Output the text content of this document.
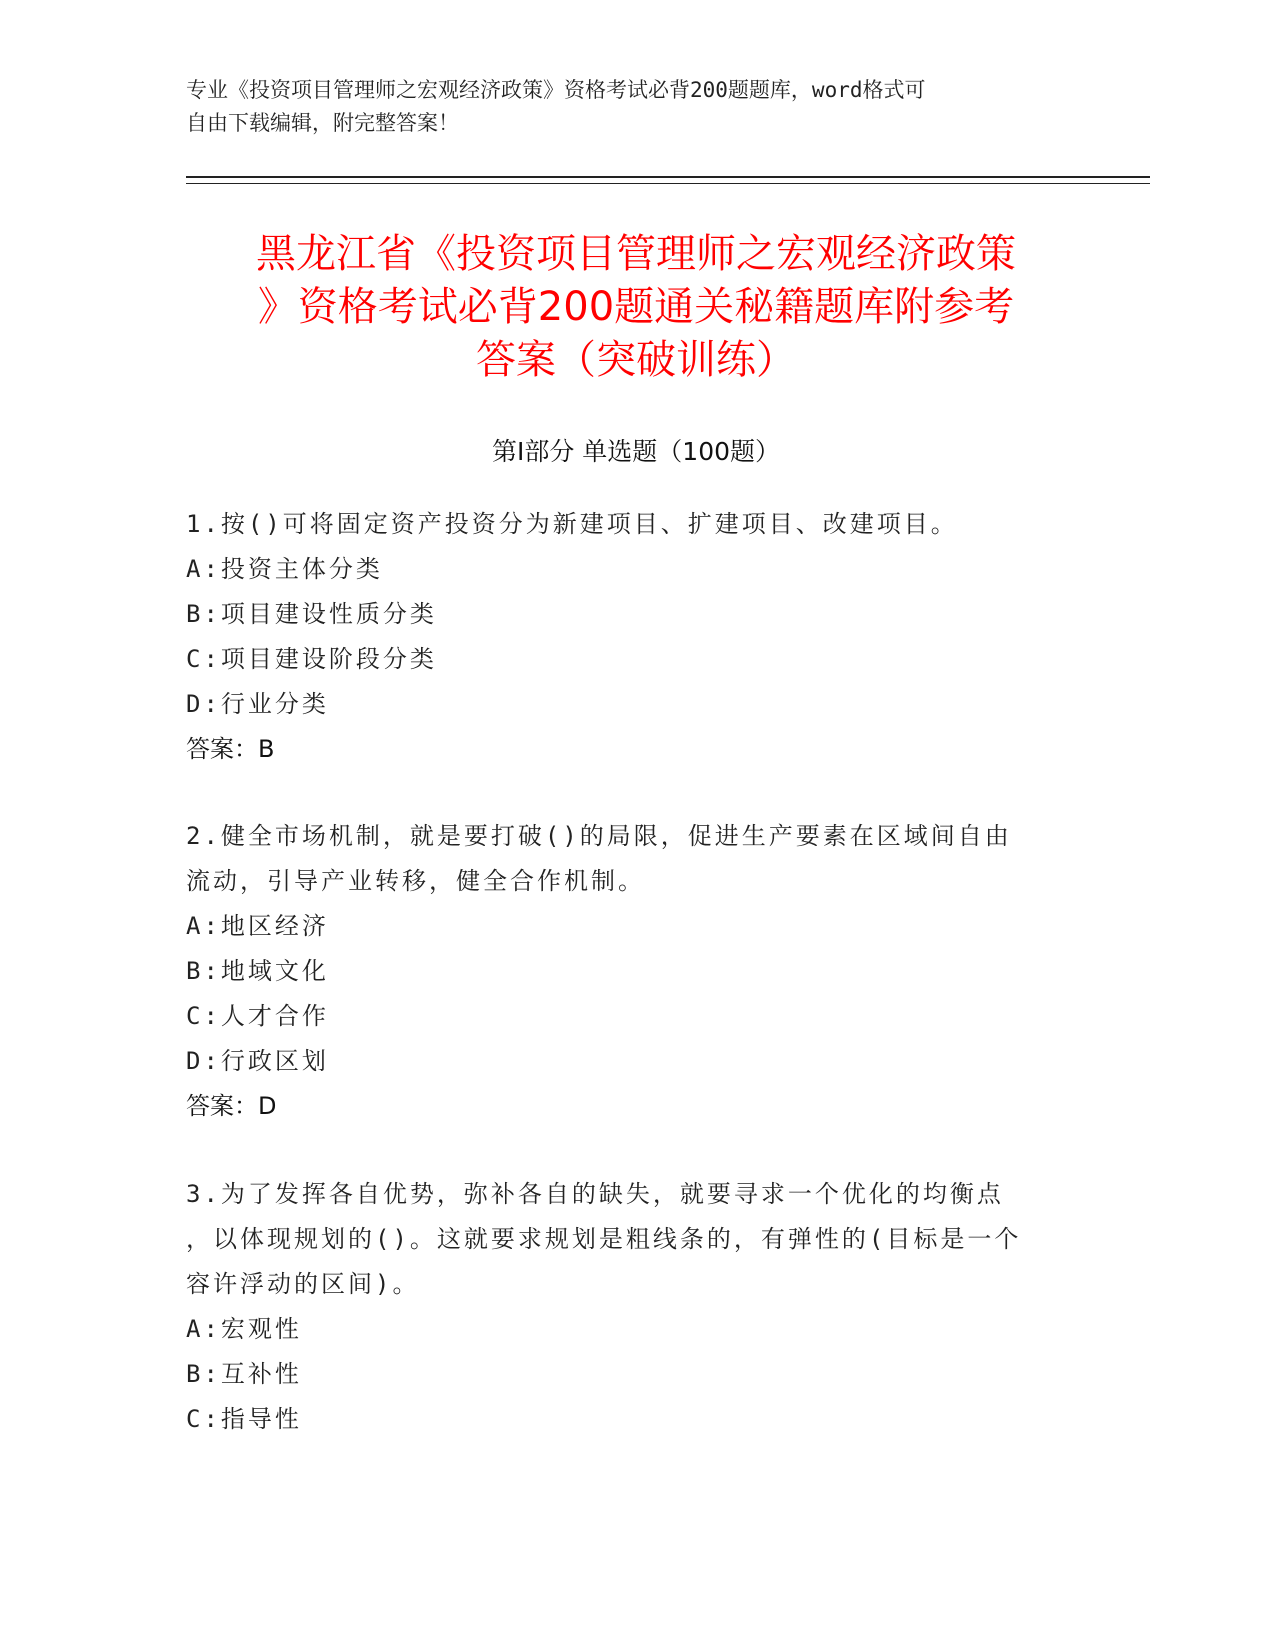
专业《投资项目管理师之宏观经济政策》资格考试必背200题题库，word格式可
自由下载编辑，附完整答案！
黑龙江省《投资项目管理师之宏观经济政策
》资格考试必背200题通关秘籍题库附参考
答案（突破训练）
第Ⅰ部分 单选题（100题）

1.按()可将固定资产投资分为新建项目、扩建项目、改建项目。

A:投资主体分类

B:项目建设性质分类

C:项目建设阶段分类

D:行业分类

答案：B

2.健全市场机制，就是要打破()的局限，促进生产要素在区域间自由

流动，引导产业转移，健全合作机制。

A:地区经济

B:地域文化

C:人才合作

D:行政区划

答案：D

3.为了发挥各自优势，弥补各自的缺失，就要寻求一个优化的均衡点

，以体现规划的()。这就要求规划是粗线条的，有弹性的(目标是一个

容许浮动的区间)。

A:宏观性

B:互补性

C:指导性
